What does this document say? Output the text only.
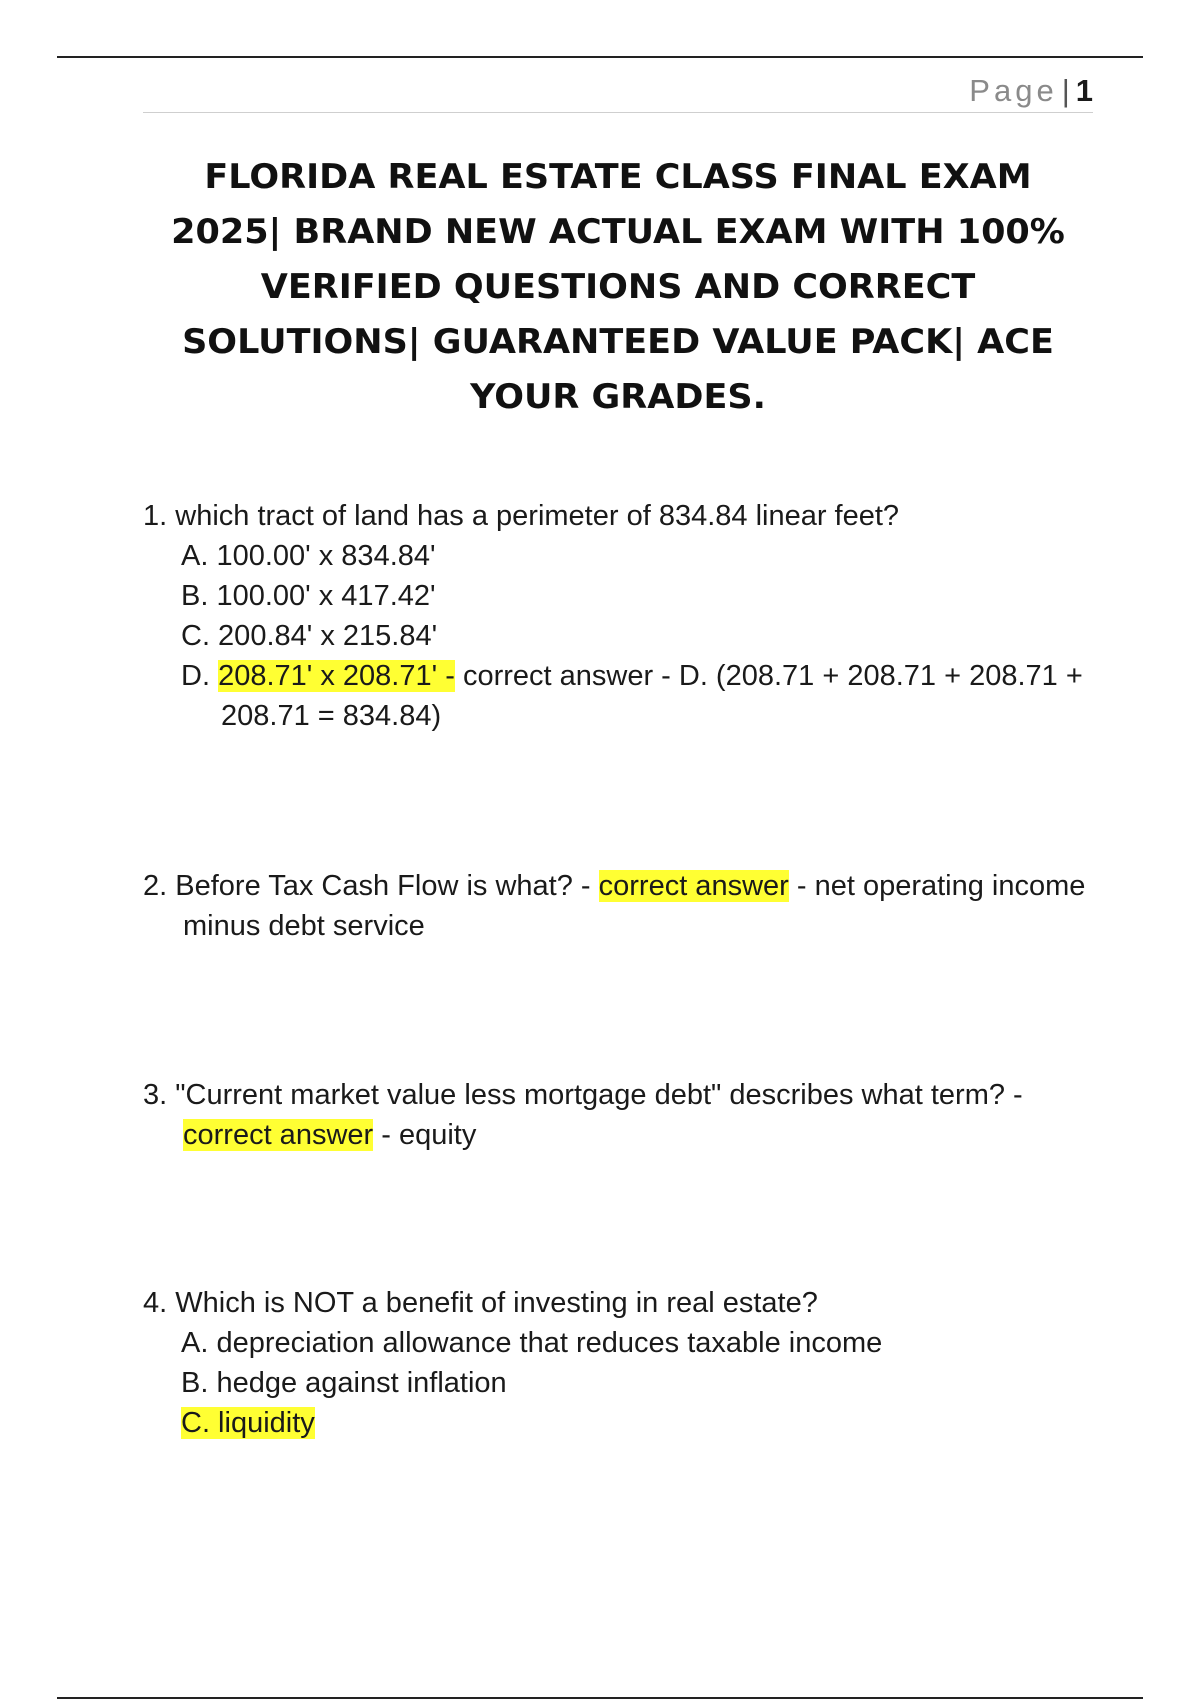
Page | 1
FLORIDA REAL ESTATE CLASS FINAL EXAM
2025| BRAND NEW ACTUAL EXAM WITH 100%
VERIFIED QUESTIONS AND CORRECT
SOLUTIONS| GUARANTEED VALUE PACK| ACE
YOUR GRADES.

1. which tract of land has a perimeter of 834.84 linear feet?

A. 100.00' x 834.84'

B. 100.00' x 417.42'

C. 200.84' x 215.84'

D. 208.71' x 208.71' - correct answer - D. (208.71 + 208.71 + 208.71 + 208.71 = 834.84)

2. Before Tax Cash Flow is what? - correct answer - net operating income minus debt service

3. "Current market value less mortgage debt" describes what term? - correct answer - equity

4. Which is NOT a benefit of investing in real estate?

A. depreciation allowance that reduces taxable income

B. hedge against inflation

C. liquidity
